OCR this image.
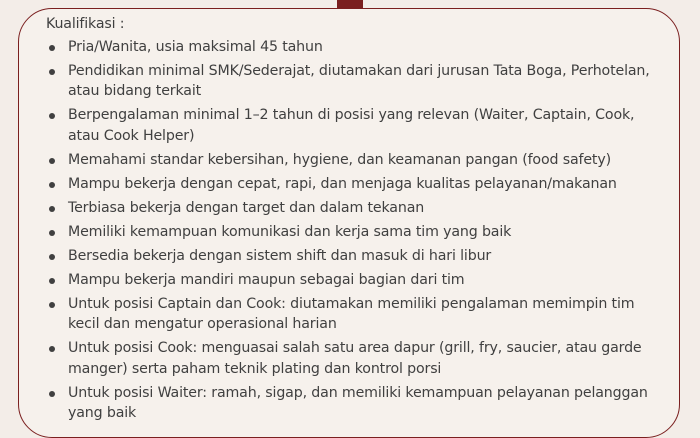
Kualifikasi :
Pria/Wanita, usia maksimal 45 tahun
Pendidikan minimal SMK/Sederajat, diutamakan dari jurusan Tata Boga, Perhotelan, atau bidang terkait
Berpengalaman minimal 1–2 tahun di posisi yang relevan (Waiter, Captain, Cook, atau Cook Helper)
Memahami standar kebersihan, hygiene, dan keamanan pangan (food safety)
Mampu bekerja dengan cepat, rapi, dan menjaga kualitas pelayanan/makanan
Terbiasa bekerja dengan target dan dalam tekanan
Memiliki kemampuan komunikasi dan kerja sama tim yang baik
Bersedia bekerja dengan sistem shift dan masuk di hari libur
Mampu bekerja mandiri maupun sebagai bagian dari tim
Untuk posisi Captain dan Cook: diutamakan memiliki pengalaman memimpin tim kecil dan mengatur operasional harian
Untuk posisi Cook: menguasai salah satu area dapur (grill, fry, saucier, atau garde manger) serta paham teknik plating dan kontrol porsi
Untuk posisi Waiter: ramah, sigap, dan memiliki kemampuan pelayanan pelanggan yang baik
